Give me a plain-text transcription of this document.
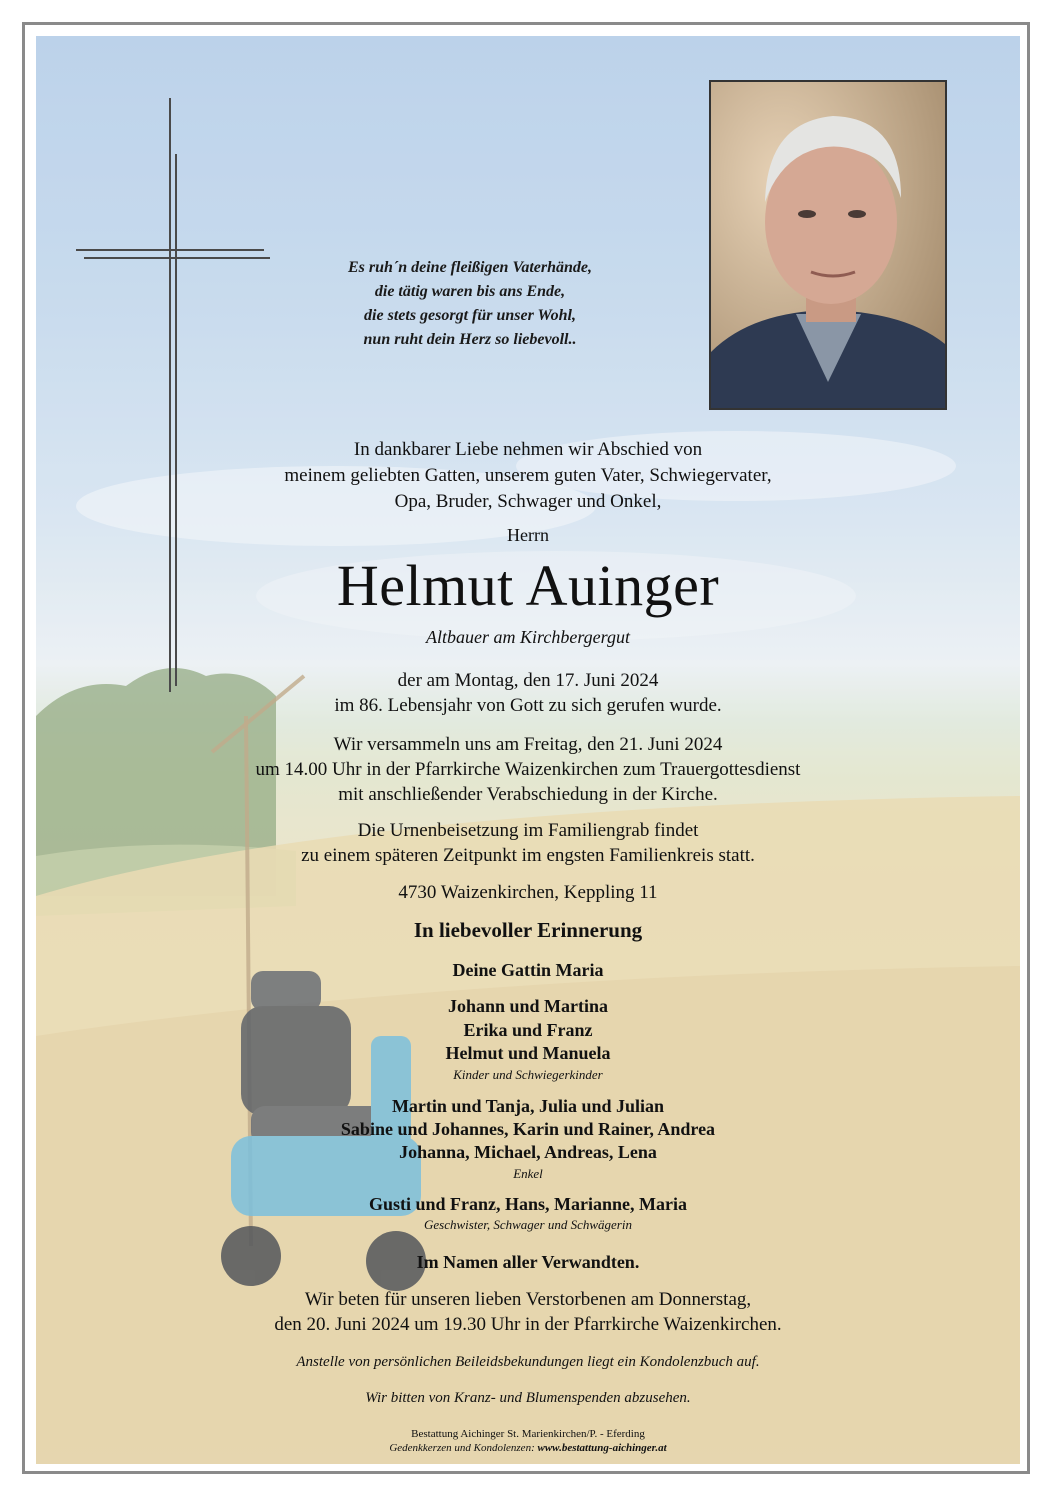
Es ruh´n deine fleißigen Vaterhände,
die tätig waren bis ans Ende,
die stets gesorgt für unser Wohl,
nun ruht dein Herz so liebevoll..
In dankbarer Liebe nehmen wir Abschied von
meinem geliebten Gatten, unserem guten Vater, Schwiegervater,
Opa, Bruder, Schwager und Onkel,
Herrn
Helmut Auinger
Altbauer am Kirchbergergut
der am Montag, den 17. Juni 2024
im 86. Lebensjahr von Gott zu sich gerufen wurde.
Wir versammeln uns am Freitag, den 21. Juni 2024
um 14.00 Uhr in der Pfarrkirche Waizenkirchen zum Trauergottesdienst
mit anschließender Verabschiedung in der Kirche.
Die Urnenbeisetzung im Familiengrab findet
zu einem späteren Zeitpunkt im engsten Familienkreis statt.
4730 Waizenkirchen, Keppling 11
In liebevoller Erinnerung
Deine Gattin Maria
Johann und Martina
Erika und Franz
Helmut und Manuela
Kinder und Schwiegerkinder
Martin und Tanja, Julia und Julian
Sabine und Johannes, Karin und Rainer, Andrea
Johanna, Michael, Andreas, Lena
Enkel
Gusti und Franz, Hans, Marianne, Maria
Geschwister, Schwager und Schwägerin
Im Namen aller Verwandten.
Wir beten für unseren lieben Verstorbenen am Donnerstag,
den 20. Juni 2024 um 19.30 Uhr in der Pfarrkirche Waizenkirchen.
Anstelle von persönlichen Beileidsbekundungen liegt ein Kondolenzbuch auf.
Wir bitten von Kranz- und Blumenspenden abzusehen.
Bestattung Aichinger St. Marienkirchen/P. - Eferding
Gedenkkerzen und Kondolenzen: www.bestattung-aichinger.at
